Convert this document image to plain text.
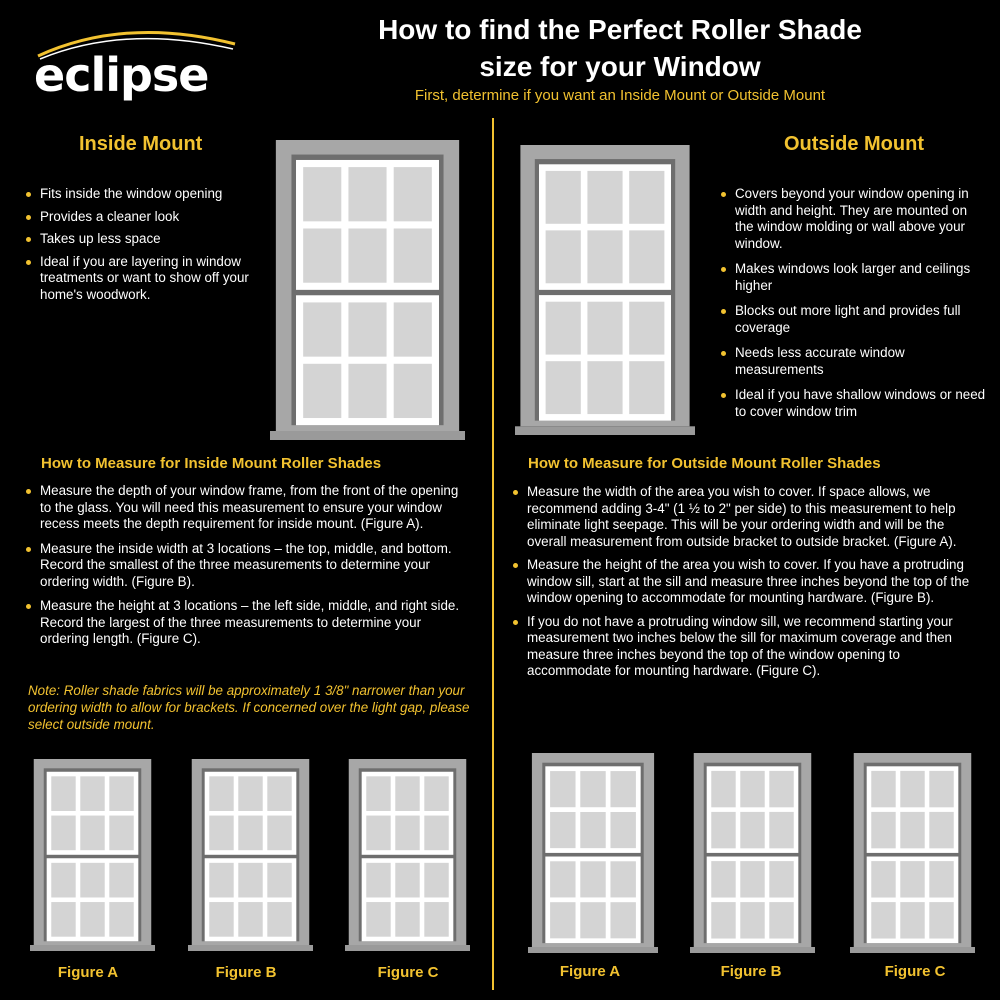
eclipse
How to find the Perfect Roller Shade
size for your Window
First, determine if you want an Inside Mount or Outside Mount
Inside Mount
Fits inside the window opening
Provides a cleaner look
Takes up less space
Ideal if you are layering in window treatments or want to show off your home's woodwork.
Outside Mount
Covers beyond your window opening in width and height. They are mounted on the window molding or wall above your window.
Makes windows look larger and ceilings higher
Blocks out more light and provides full coverage
Needs less accurate window measurements
Ideal if you have shallow windows or need to cover window trim
How to Measure for Inside Mount Roller Shades	How to Measure for Outside Mount Roller Shades
Measure the depth of your window frame, from the front of the opening to the glass. You will need this measurement to ensure your window recess meets the depth requirement for inside mount. (Figure A).
Measure the inside width at 3 locations – the top, middle, and bottom. Record the smallest of the three measurements to determine your ordering width. (Figure B).
Measure the height at 3 locations – the left side, middle, and right side. Record the largest of the three measurements to determine your ordering length. (Figure C).
Note: Roller shade fabrics will be approximately 1 3/8" narrower than your ordering width to allow for brackets. If concerned over the light gap, please select outside mount.
Measure the width of the area you wish to cover. If space allows, we recommend adding 3-4" (1 ½ to 2" per side) to this measurement to help eliminate light seepage. This will be your ordering width and will be the overall measurement from outside bracket to outside bracket. (Figure A).
Measure the height of the area you wish to cover. If you have a protruding window sill, start at the sill and measure three inches beyond the top of the window opening to accommodate for mounting hardware. (Figure B).
If you do not have a protruding window sill, we recommend starting your measurement two inches below the sill for maximum coverage and then measure three inches beyond the top of the window opening to accommodate for mounting hardware. (Figure C).
Figure A	Figure B	Figure C	Figure A	Figure B	Figure C
